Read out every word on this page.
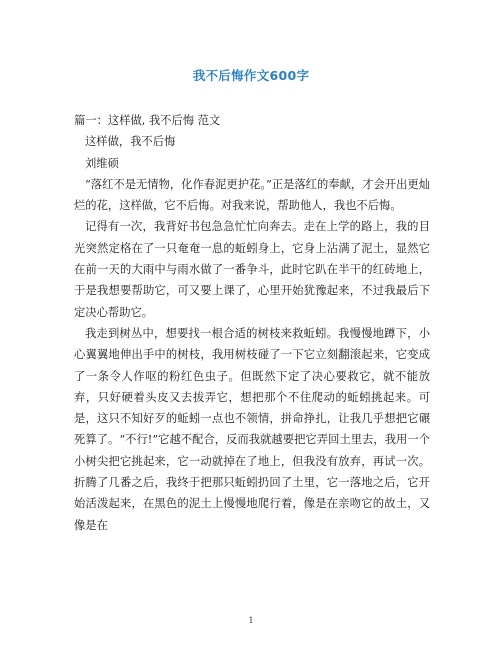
我不后悔作文600字

篇一：这样做, 我不后悔 范文

这样做，我不后悔

刘维硕

“落红不是无情物，化作春泥更护花。”正是落红的奉献，才会开出更灿烂的花，这样做，它不后悔。对我来说，帮助他人，我也不后悔。

记得有一次，我背好书包急急忙忙向奔去。走在上学的路上，我的目光突然定格在了一只奄奄一息的蚯蚓身上，它身上沾满了泥土，显然它在前一天的大雨中与雨水做了一番争斗，此时它趴在半干的红砖地上，于是我想要帮助它，可又要上课了，心里开始犹豫起来，不过我最后下定决心帮助它。

我走到树丛中，想要找一根合适的树枝来救蚯蚓。我慢慢地蹲下，小心翼翼地伸出手中的树枝，我用树枝碰了一下它立刻翻滚起来，它变成了一条令人作呕的粉红色虫子。但既然下定了决心要救它，就不能放弃，只好硬着头皮又去拔弄它，想把那个不住爬动的蚯蚓挑起来。可是，这只不知好歹的蚯蚓一点也不领情，拼命挣扎，让我几乎想把它碾死算了。“不行!”它越不配合，反而我就越要把它弄回土里去，我用一个小树尖把它挑起来，它一动就掉在了地上，但我没有放弃，再试一次。折腾了几番之后，我终于把那只蚯蚓扔回了土里，它一落地之后，它开始活泼起来，在黑色的泥土上慢慢地爬行着，像是在亲吻它的故土，又像是在

1
